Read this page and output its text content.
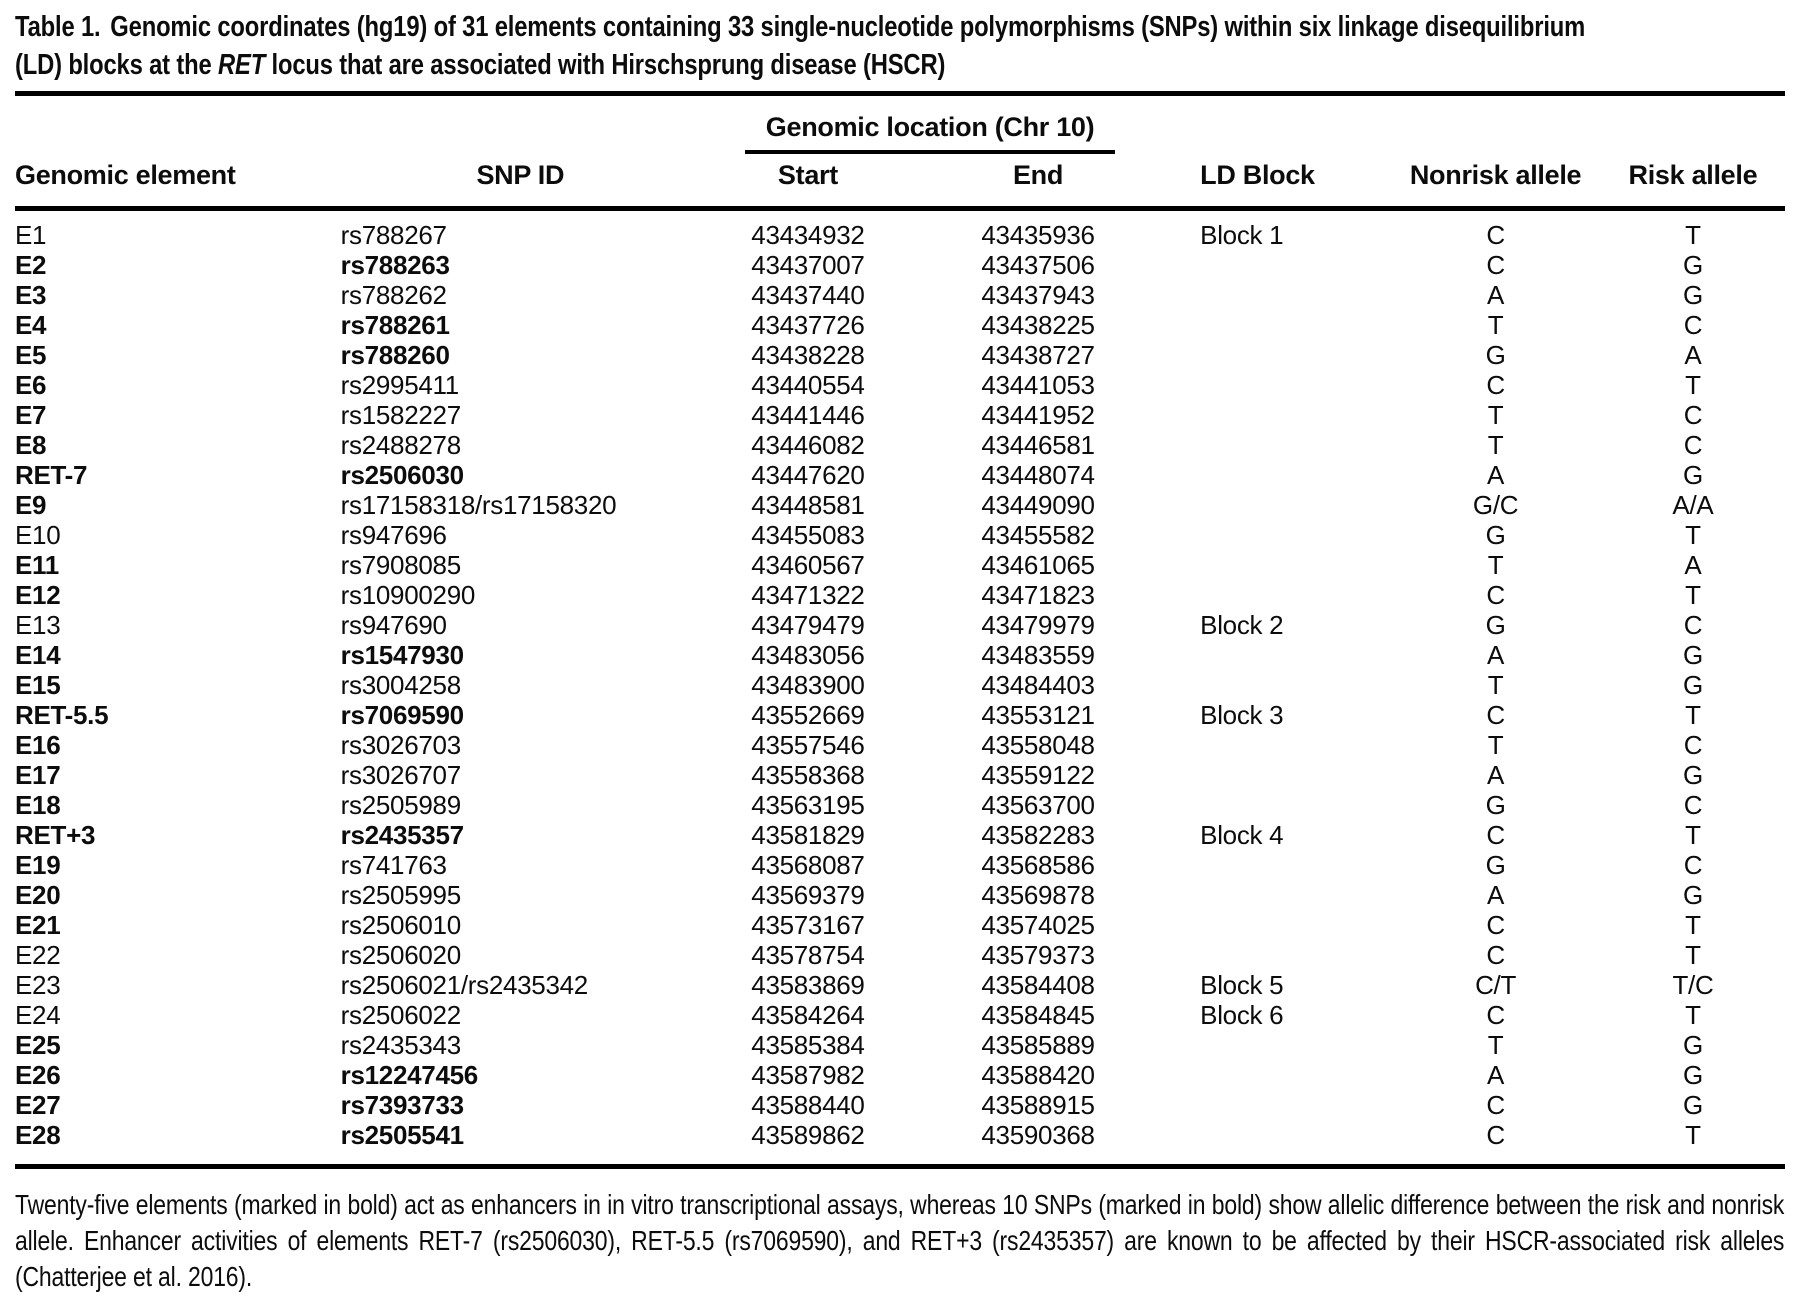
Table 1. Genomic coordinates (hg19) of 31 elements containing 33 single-nucleotide polymorphisms (SNPs) within six linkage disequilibrium
(LD) blocks at the RET locus that are associated with Hirschsprung disease (HSCR)

		Genomic location (Chr 10)				

Genomic element	SNP ID	Start	End	LD Block	Nonrisk allele	Risk allele
E1	rs788267	43434932	43435936	Block 1	C	T
E2	rs788263	43437007	43437506		C	G
E3	rs788262	43437440	43437943		A	G
E4	rs788261	43437726	43438225		T	C
E5	rs788260	43438228	43438727		G	A
E6	rs2995411	43440554	43441053		C	T
E7	rs1582227	43441446	43441952		T	C
E8	rs2488278	43446082	43446581		T	C
RET-7	rs2506030	43447620	43448074		A	G
E9	rs17158318/rs17158320	43448581	43449090		G/C	A/A
E10	rs947696	43455083	43455582		G	T
E11	rs7908085	43460567	43461065		T	A
E12	rs10900290	43471322	43471823		C	T
E13	rs947690	43479479	43479979	Block 2	G	C
E14	rs1547930	43483056	43483559		A	G
E15	rs3004258	43483900	43484403		T	G
RET-5.5	rs7069590	43552669	43553121	Block 3	C	T
E16	rs3026703	43557546	43558048		T	C
E17	rs3026707	43558368	43559122		A	G
E18	rs2505989	43563195	43563700		G	C
RET+3	rs2435357	43581829	43582283	Block 4	C	T
E19	rs741763	43568087	43568586		G	C
E20	rs2505995	43569379	43569878		A	G
E21	rs2506010	43573167	43574025		C	T
E22	rs2506020	43578754	43579373		C	T
E23	rs2506021/rs2435342	43583869	43584408	Block 5	C/T	T/C
E24	rs2506022	43584264	43584845	Block 6	C	T
E25	rs2435343	43585384	43585889		T	G
E26	rs12247456	43587982	43588420		A	G
E27	rs7393733	43588440	43588915		C	G
E28	rs2505541	43589862	43590368		C	T
Twenty-five elements (marked in bold) act as enhancers in in vitro transcriptional assays, whereas 10 SNPs (marked in bold) show allelic difference between the risk and nonrisk allele. Enhancer activities of elements RET-7 (rs2506030), RET-5.5 (rs7069590), and RET+3 (rs2435357) are known to be affected by their HSCR-associated risk alleles (Chatterjee et al. 2016).
